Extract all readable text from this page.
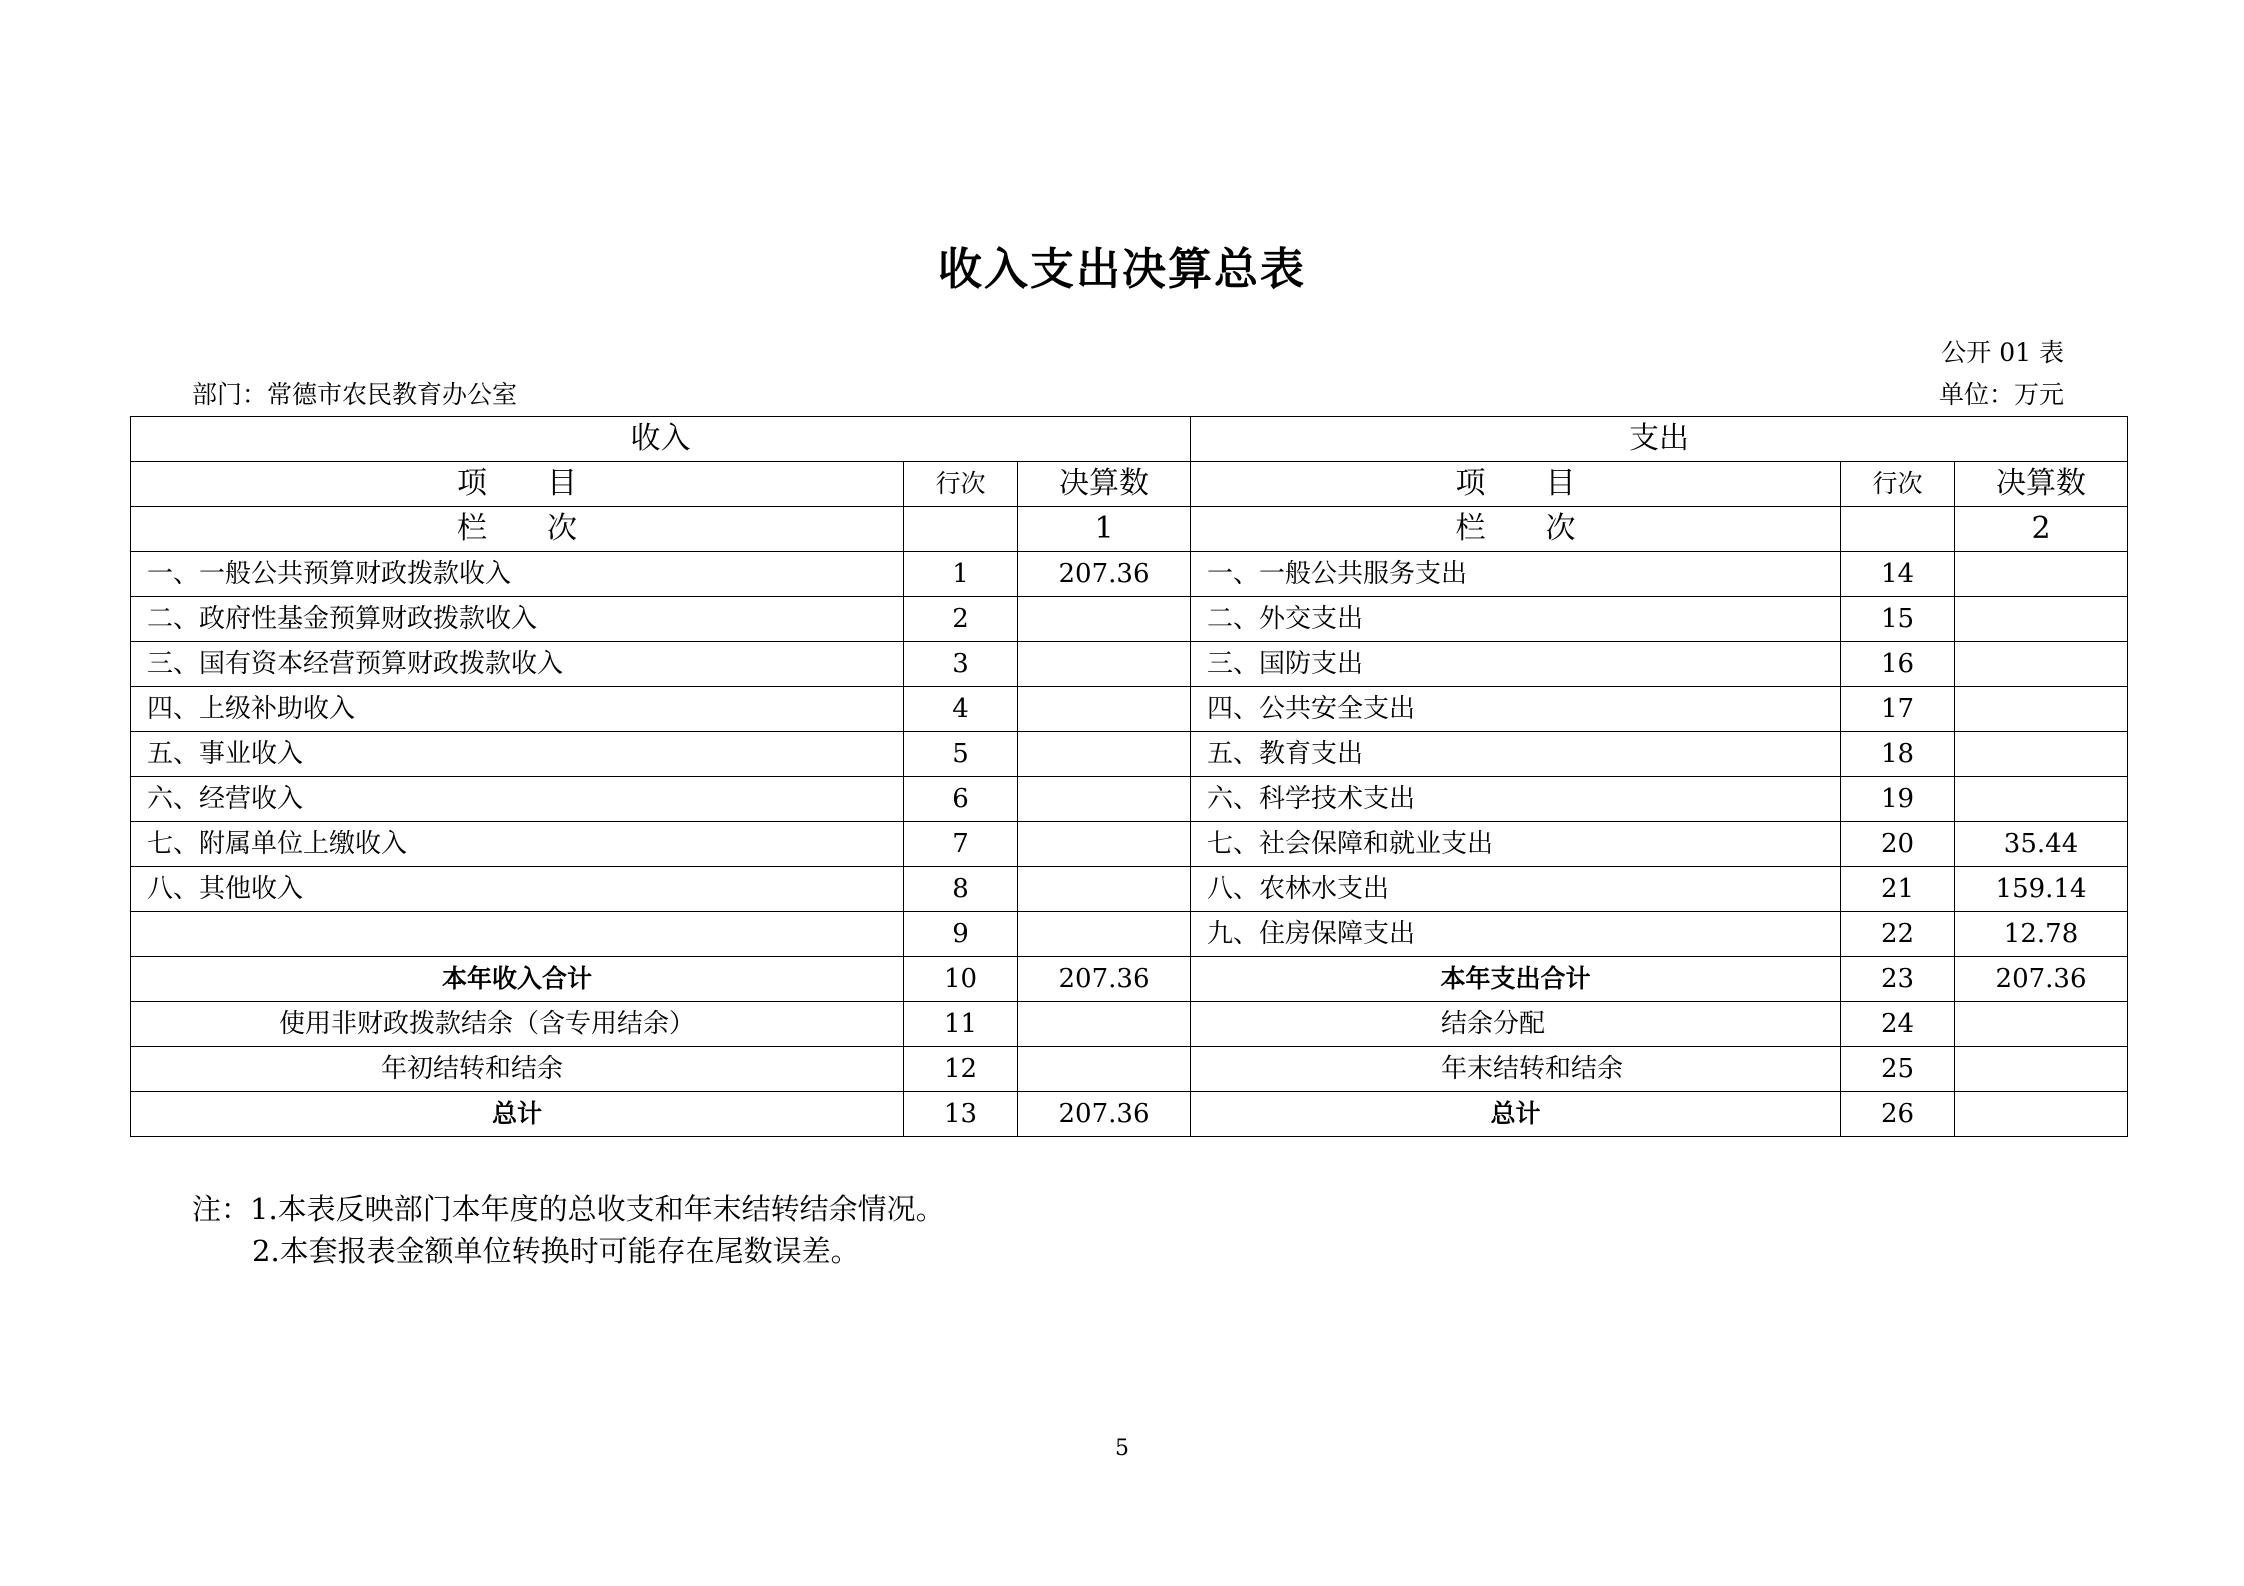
收入支出决算总表
公开 01 表
部门：常德市农民教育办公室	单位：万元
收入			支出		
项　　目	行次	决算数	项　　目	行次	决算数
栏　　次		1	栏　　次		2
一、一般公共预算财政拨款收入	1	207.36	一、一般公共服务支出	14	
二、政府性基金预算财政拨款收入	2		二、外交支出	15	
三、国有资本经营预算财政拨款收入	3		三、国防支出	16	
四、上级补助收入	4		四、公共安全支出	17	
五、事业收入	5		五、教育支出	18	
六、经营收入	6		六、科学技术支出	19	
七、附属单位上缴收入	7		七、社会保障和就业支出	20	35.44
八、其他收入	8		八、农林水支出	21	159.14
	9		九、住房保障支出	22	12.78
本年收入合计	10	207.36	本年支出合计	23	207.36
使用非财政拨款结余（含专用结余）	11		结余分配	24	
年初结转和结余	12		年末结转和结余	25	
总计	13	207.36	总计	26	
注：1.本表反映部门本年度的总收支和年末结转结余情况。
2.本套报表金额单位转换时可能存在尾数误差。
5
